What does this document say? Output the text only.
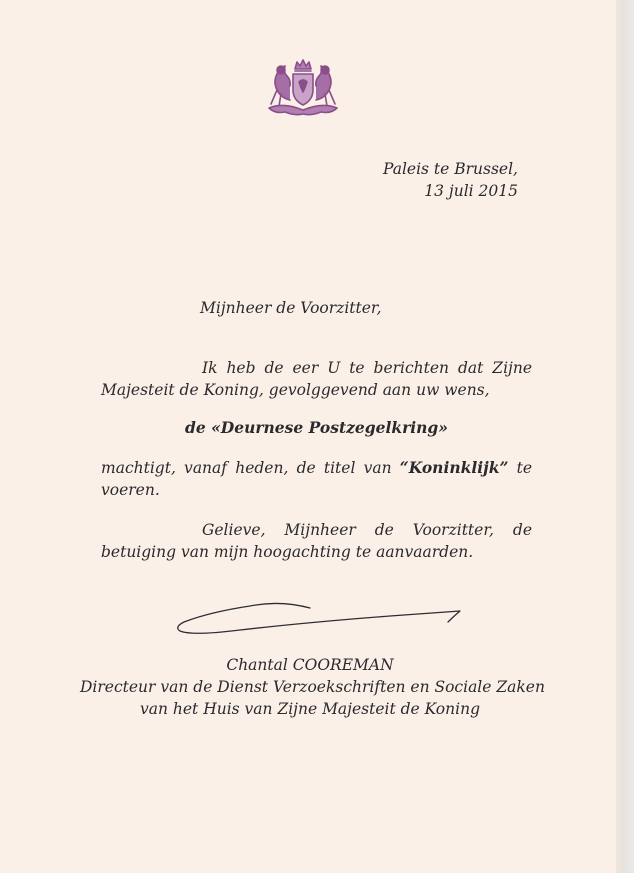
Paleis te Brussel,
13 juli 2015
Mijnheer de Voorzitter,
Ik heb de eer U te berichten dat Zijne
Majesteit de Koning, gevolggevend aan uw wens,
de «Deurnese Postzegelkring»
machtigt, vanaf heden, de titel van “Koninklijk” te
voeren.
Gelieve, Mijnheer de Voorzitter, de
betuiging van mijn hoogachting te aanvaarden.
Chantal COOREMAN
Directeur van de Dienst Verzoekschriften en Sociale Zaken
van het Huis van Zijne Majesteit de Koning
